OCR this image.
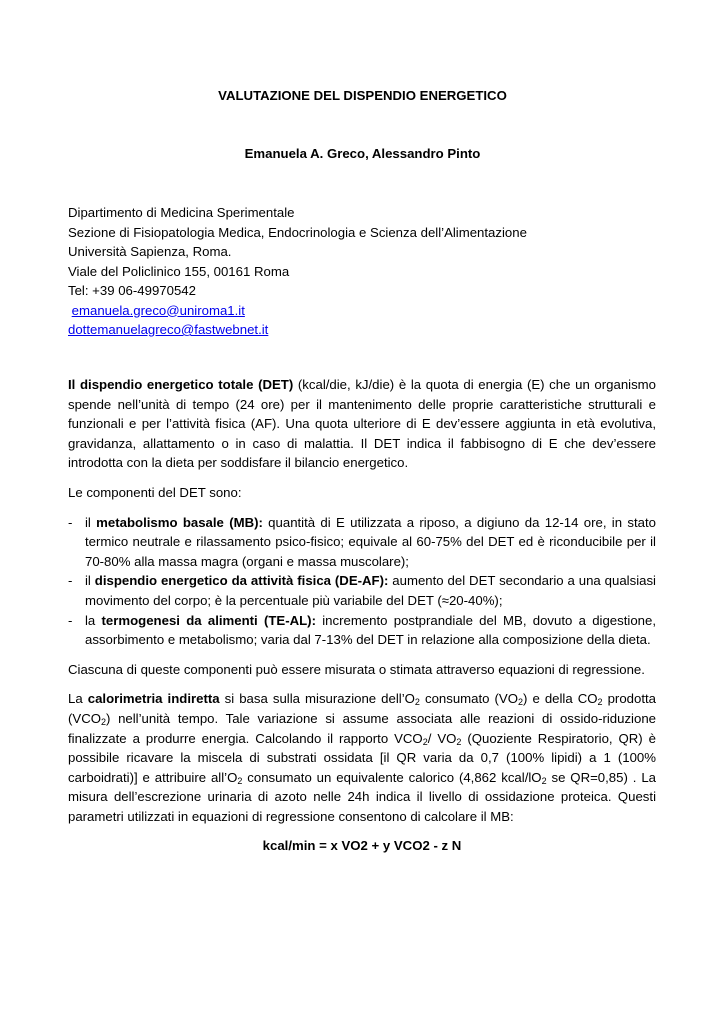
VALUTAZIONE DEL DISPENDIO ENERGETICO
Emanuela A. Greco, Alessandro Pinto
Dipartimento di Medicina Sperimentale
Sezione di Fisiopatologia Medica, Endocrinologia e Scienza dell’Alimentazione
Università Sapienza, Roma.
Viale del Policlinico 155, 00161 Roma
Tel: +39 06-49970542
emanuela.greco@uniroma1.it
dottemanuelagreco@fastwebnet.it

Il dispendio energetico totale (DET) (kcal/die, kJ/die) è la quota di energia (E) che un organismo spende nell’unità di tempo (24 ore) per il mantenimento delle proprie caratteristiche strutturali e funzionali e per l’attività fisica (AF). Una quota ulteriore di E dev’essere aggiunta in età evolutiva, gravidanza, allattamento o in caso di malattia. Il DET indica il fabbisogno di E che dev’essere introdotta con la dieta per soddisfare il bilancio energetico.

Le componenti del DET sono:

- il metabolismo basale (MB): quantità di E utilizzata a riposo, a digiuno da 12-14 ore, in stato termico neutrale e rilassamento psico-fisico; equivale al 60-75% del DET ed è riconducibile per il 70-80% alla massa magra (organi e massa muscolare);
- il dispendio energetico da attività fisica (DE-AF): aumento del DET secondario a una qualsiasi movimento del corpo; è la percentuale più variabile del DET (≈20-40%);
- la termogenesi da alimenti (TE-AL): incremento postprandiale del MB, dovuto a digestione, assorbimento e metabolismo; varia dal 7-13% del DET in relazione alla composizione della dieta.

Ciascuna di queste componenti può essere misurata o stimata attraverso equazioni di regressione.

La calorimetria indiretta si basa sulla misurazione $dell’O_2$ consumato $(VO_2)$ e della $CO_2$ prodotta $(VCO_2)$ nell’unità tempo. Tale variazione si assume associata alle reazioni di ossido-riduzione finalizzate a produrre energia. Calcolando il rapporto $VCO_2/$ $VO_2$ (Quoziente Respiratorio, QR) è possibile ricavare la miscela di substrati ossidata [il QR varia da 0,7 (100% lipidi) a 1 (100% carboidrati)] e attribuire $all’O_2$ consumato un equivalente calorico (4,862 kcal/$lO_2$ se QR=0,85) . La misura dell’escrezione urinaria di azoto nelle 24h indica il livello di ossidazione proteica. Questi parametri utilizzati in equazioni di regressione consentono di calcolare il MB:

kcal/min = x VO2 + y VCO2 - z N
